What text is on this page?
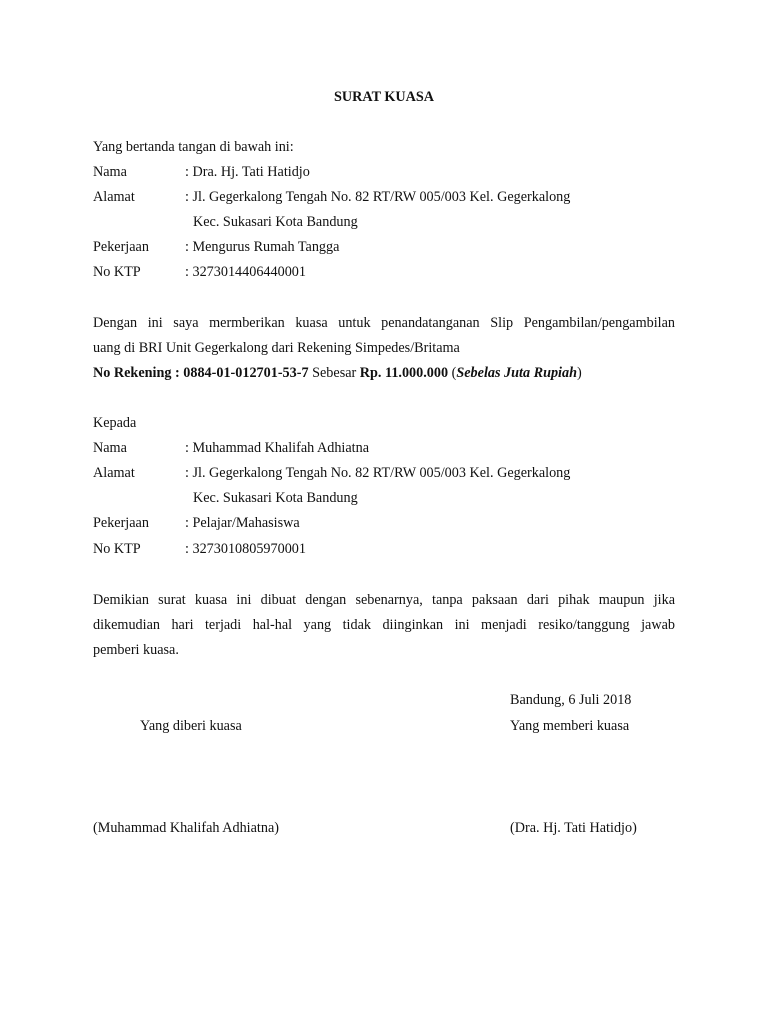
SURAT KUASA
Yang bertanda tangan di bawah ini:
Nama	: Dra. Hj. Tati Hatidjo
Alamat	: Jl. Gegerkalong Tengah No. 82 RT/RW 005/003 Kel. Gegerkalong
Kec. Sukasari Kota Bandung
Pekerjaan	: Mengurus Rumah Tangga
No KTP	: 3273014406440001
Dengan ini saya mermberikan kuasa untuk penandatanganan Slip Pengambilan/pengambilan
uang di BRI Unit Gegerkalong dari Rekening Simpedes/Britama
No Rekening : 0884-01-012701-53-7 Sebesar Rp. 11.000.000 (Sebelas Juta Rupiah)
Kepada
Nama	: Muhammad Khalifah Adhiatna
Alamat	: Jl. Gegerkalong Tengah No. 82 RT/RW 005/003 Kel. Gegerkalong
Kec. Sukasari Kota Bandung
Pekerjaan	: Pelajar/Mahasiswa
No KTP	: 3273010805970001
Demikian surat kuasa ini dibuat dengan sebenarnya, tanpa paksaan dari pihak maupun jika
dikemudian hari terjadi hal-hal yang tidak diinginkan ini menjadi resiko/tanggung jawab
pemberi kuasa.
Bandung, 6 Juli 2018
Yang diberi kuasa	Yang memberi kuasa
(Muhammad Khalifah Adhiatna)	(Dra. Hj. Tati Hatidjo)
